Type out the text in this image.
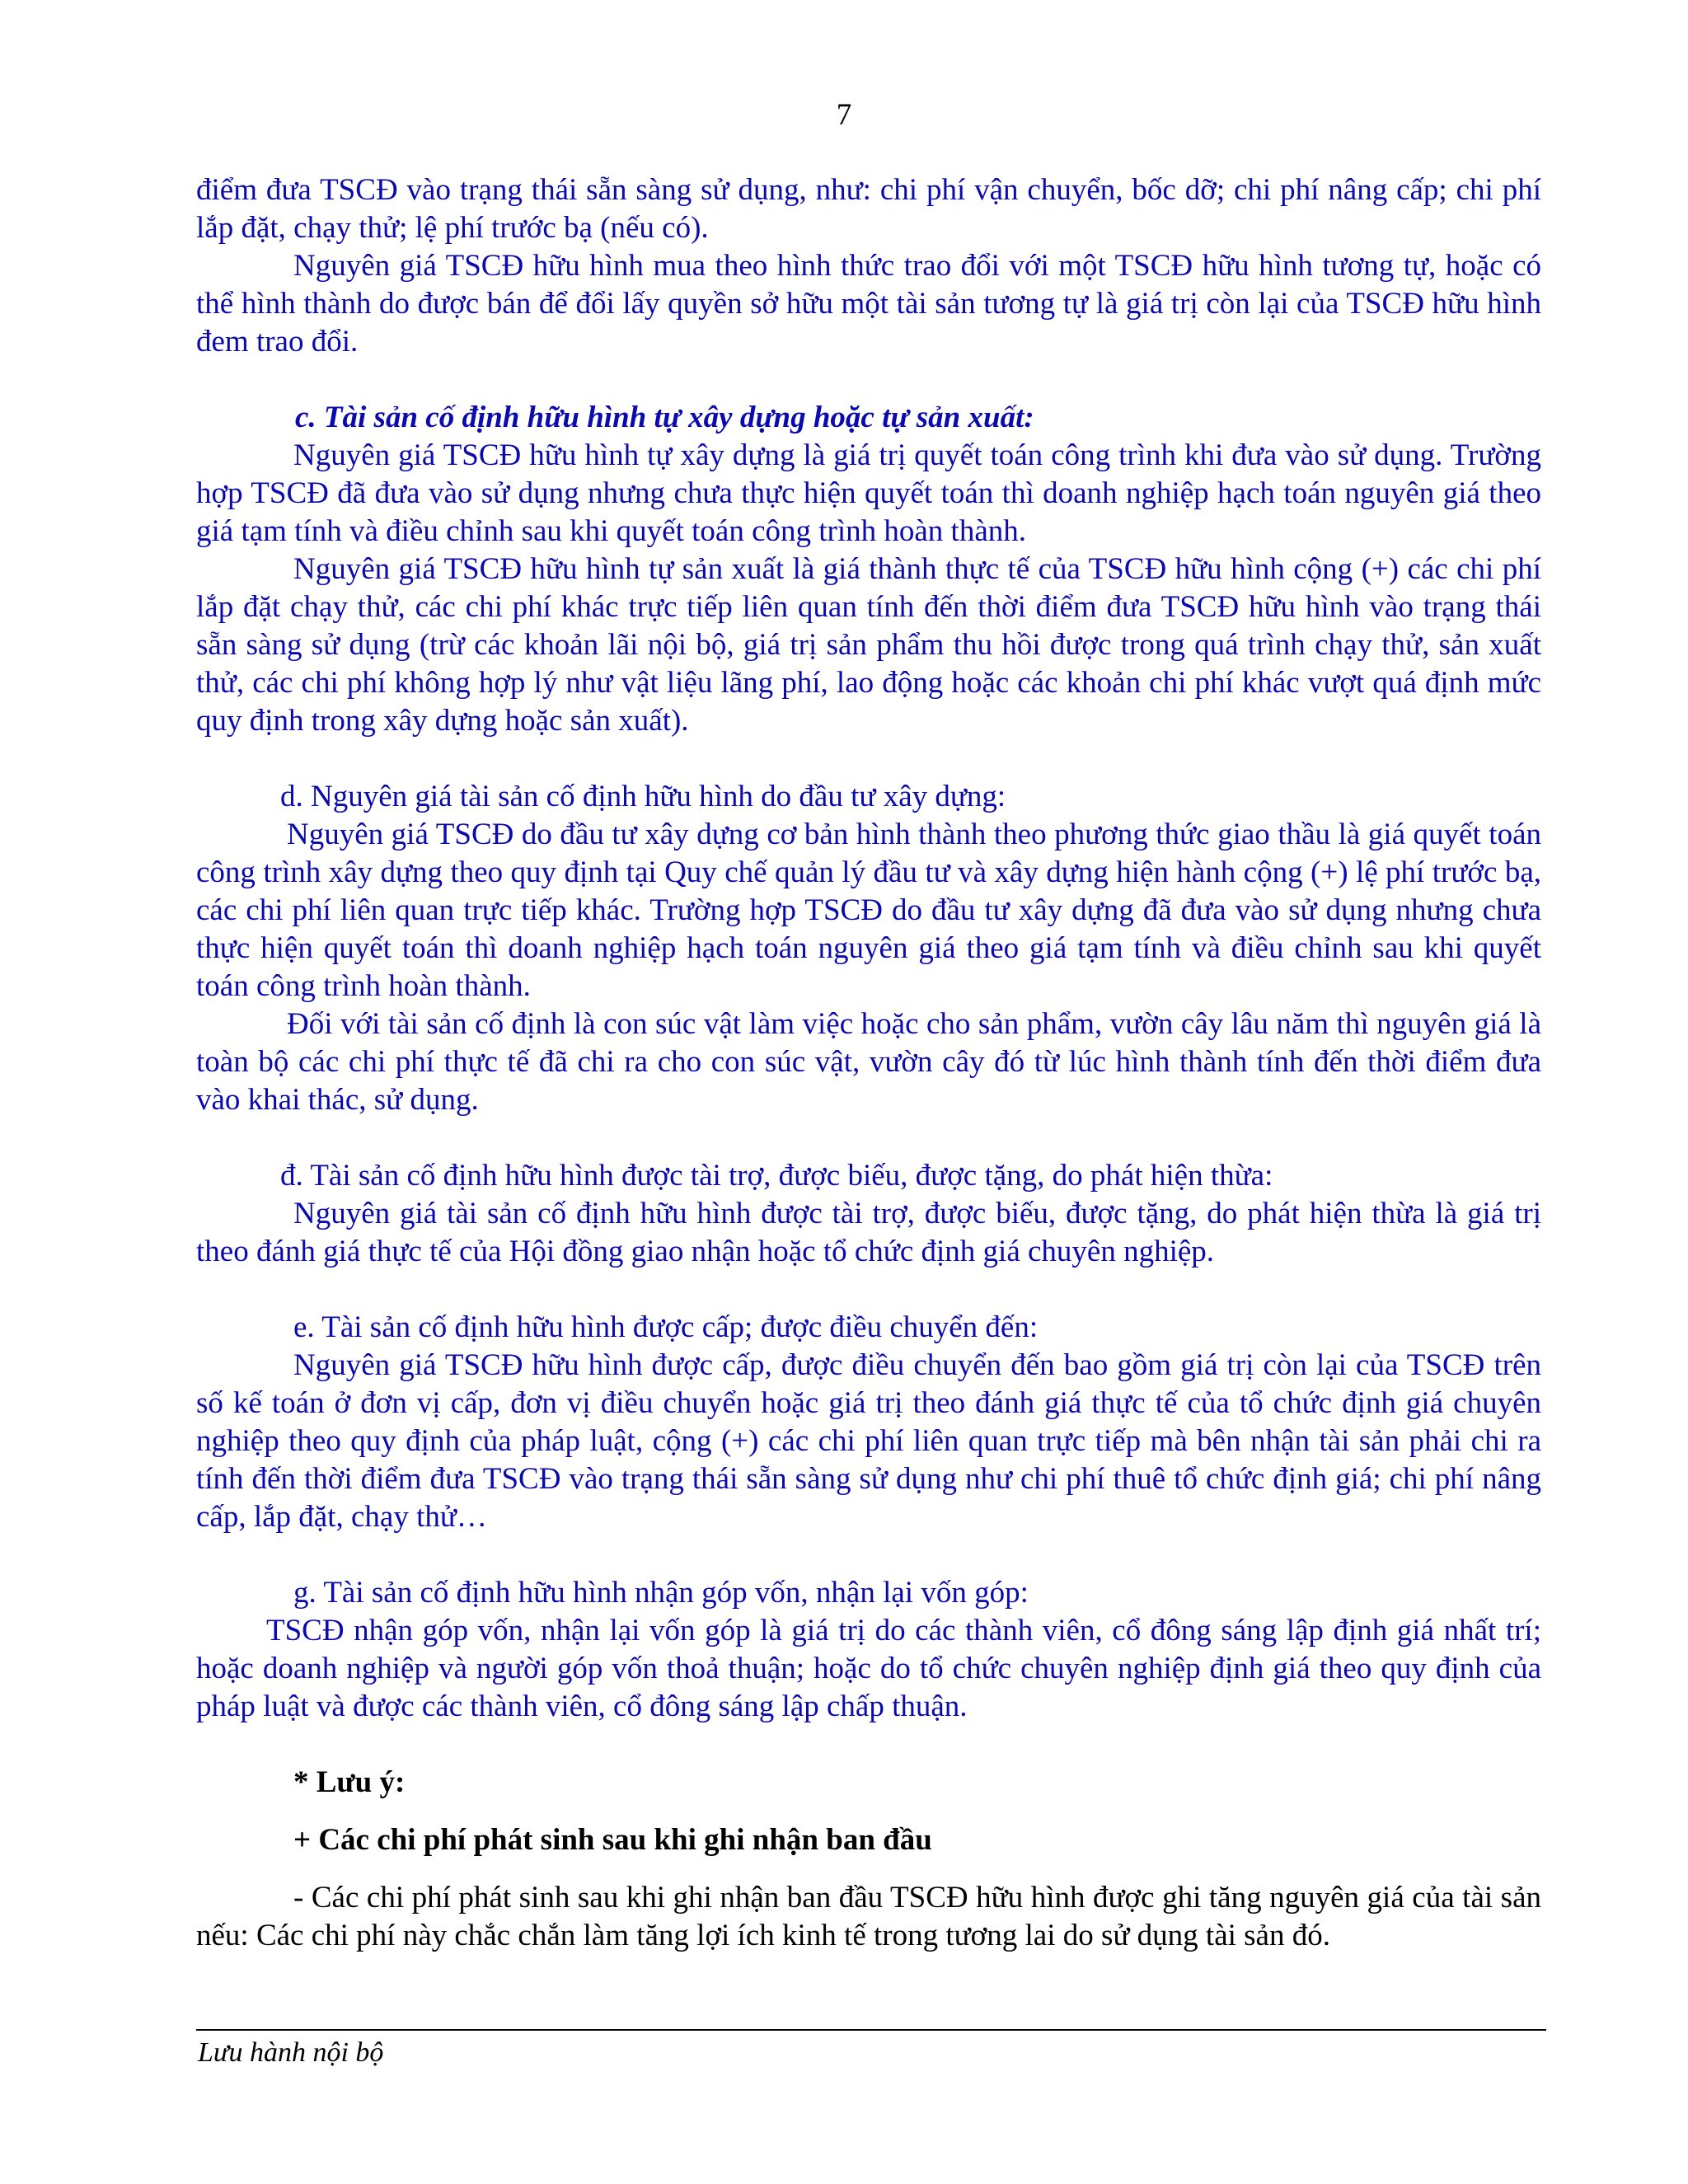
7

điểm đưa TSCĐ vào trạng thái sẵn sàng sử dụng, như: chi phí vận chuyển, bốc dỡ; chi phí nâng cấp; chi phí lắp đặt, chạy thử; lệ phí trước bạ (nếu có).

Nguyên giá TSCĐ hữu hình mua theo hình thức trao đổi với một TSCĐ hữu hình tương tự, hoặc có thể hình thành do được bán để đổi lấy quyền sở hữu một tài sản tương tự là giá trị còn lại của TSCĐ hữu hình đem trao đổi.

c. Tài sản cố định hữu hình tự xây dựng hoặc tự sản xuất:

Nguyên giá TSCĐ hữu hình tự xây dựng là giá trị quyết toán công trình khi đưa vào sử dụng. Trường hợp TSCĐ đã đưa vào sử dụng nhưng chưa thực hiện quyết toán thì doanh nghiệp hạch toán nguyên giá theo giá tạm tính và điều chỉnh sau khi quyết toán công trình hoàn thành.

Nguyên giá TSCĐ hữu hình tự sản xuất là giá thành thực tế của TSCĐ hữu hình cộng (+) các chi phí lắp đặt chạy thử, các chi phí khác trực tiếp liên quan tính đến thời điểm đưa TSCĐ hữu hình vào trạng thái sẵn sàng sử dụng (trừ các khoản lãi nội bộ, giá trị sản phẩm thu hồi được trong quá trình chạy thử, sản xuất thử, các chi phí không hợp lý như vật liệu lãng phí, lao động hoặc các khoản chi phí khác vượt quá định mức quy định trong xây dựng hoặc sản xuất).

d. Nguyên giá tài sản cố định hữu hình do đầu tư xây dựng:

Nguyên giá TSCĐ do đầu tư xây dựng cơ bản hình thành theo phương thức giao thầu là giá quyết toán công trình xây dựng theo quy định tại Quy chế quản lý đầu tư và xây dựng hiện hành cộng (+) lệ phí trước bạ, các chi phí liên quan trực tiếp khác. Trường hợp TSCĐ do đầu tư xây dựng đã đưa vào sử dụng nhưng chưa thực hiện quyết toán thì doanh nghiệp hạch toán nguyên giá theo giá tạm tính và điều chỉnh sau khi quyết toán công trình hoàn thành.

Đối với tài sản cố định là con súc vật làm việc hoặc cho sản phẩm, vườn cây lâu năm thì nguyên giá là toàn bộ các chi phí thực tế đã chi ra cho con súc vật, vườn cây đó từ lúc hình thành tính đến thời điểm đưa vào khai thác, sử dụng.

đ. Tài sản cố định hữu hình được tài trợ, được biếu, được tặng, do phát hiện thừa:

Nguyên giá tài sản cố định hữu hình được tài trợ, được biếu, được tặng, do phát hiện thừa là giá trị theo đánh giá thực tế của Hội đồng giao nhận hoặc tổ chức định giá chuyên nghiệp.

e. Tài sản cố định hữu hình được cấp; được điều chuyển đến:

Nguyên giá TSCĐ hữu hình được cấp, được điều chuyển đến bao gồm giá trị còn lại của TSCĐ trên số kế toán ở đơn vị cấp, đơn vị điều chuyển hoặc giá trị theo đánh giá thực tế của tổ chức định giá chuyên nghiệp theo quy định của pháp luật, cộng (+) các chi phí liên quan trực tiếp mà bên nhận tài sản phải chi ra tính đến thời điểm đưa TSCĐ vào trạng thái sẵn sàng sử dụng như chi phí thuê tổ chức định giá; chi phí nâng cấp, lắp đặt, chạy thử…

g. Tài sản cố định hữu hình nhận góp vốn, nhận lại vốn góp:

TSCĐ nhận góp vốn, nhận lại vốn góp là giá trị do các thành viên, cổ đông sáng lập định giá nhất trí; hoặc doanh nghiệp và người góp vốn thoả thuận; hoặc do tổ chức chuyên nghiệp định giá theo quy định của pháp luật và được các thành viên, cổ đông sáng lập chấp thuận.

* Lưu ý:

+ Các chi phí phát sinh sau khi ghi nhận ban đầu

- Các chi phí phát sinh sau khi ghi nhận ban đầu TSCĐ hữu hình được ghi tăng nguyên giá của tài sản nếu: Các chi phí này chắc chắn làm tăng lợi ích kinh tế trong tương lai do sử dụng tài sản đó.

Lưu hành nội bộ
